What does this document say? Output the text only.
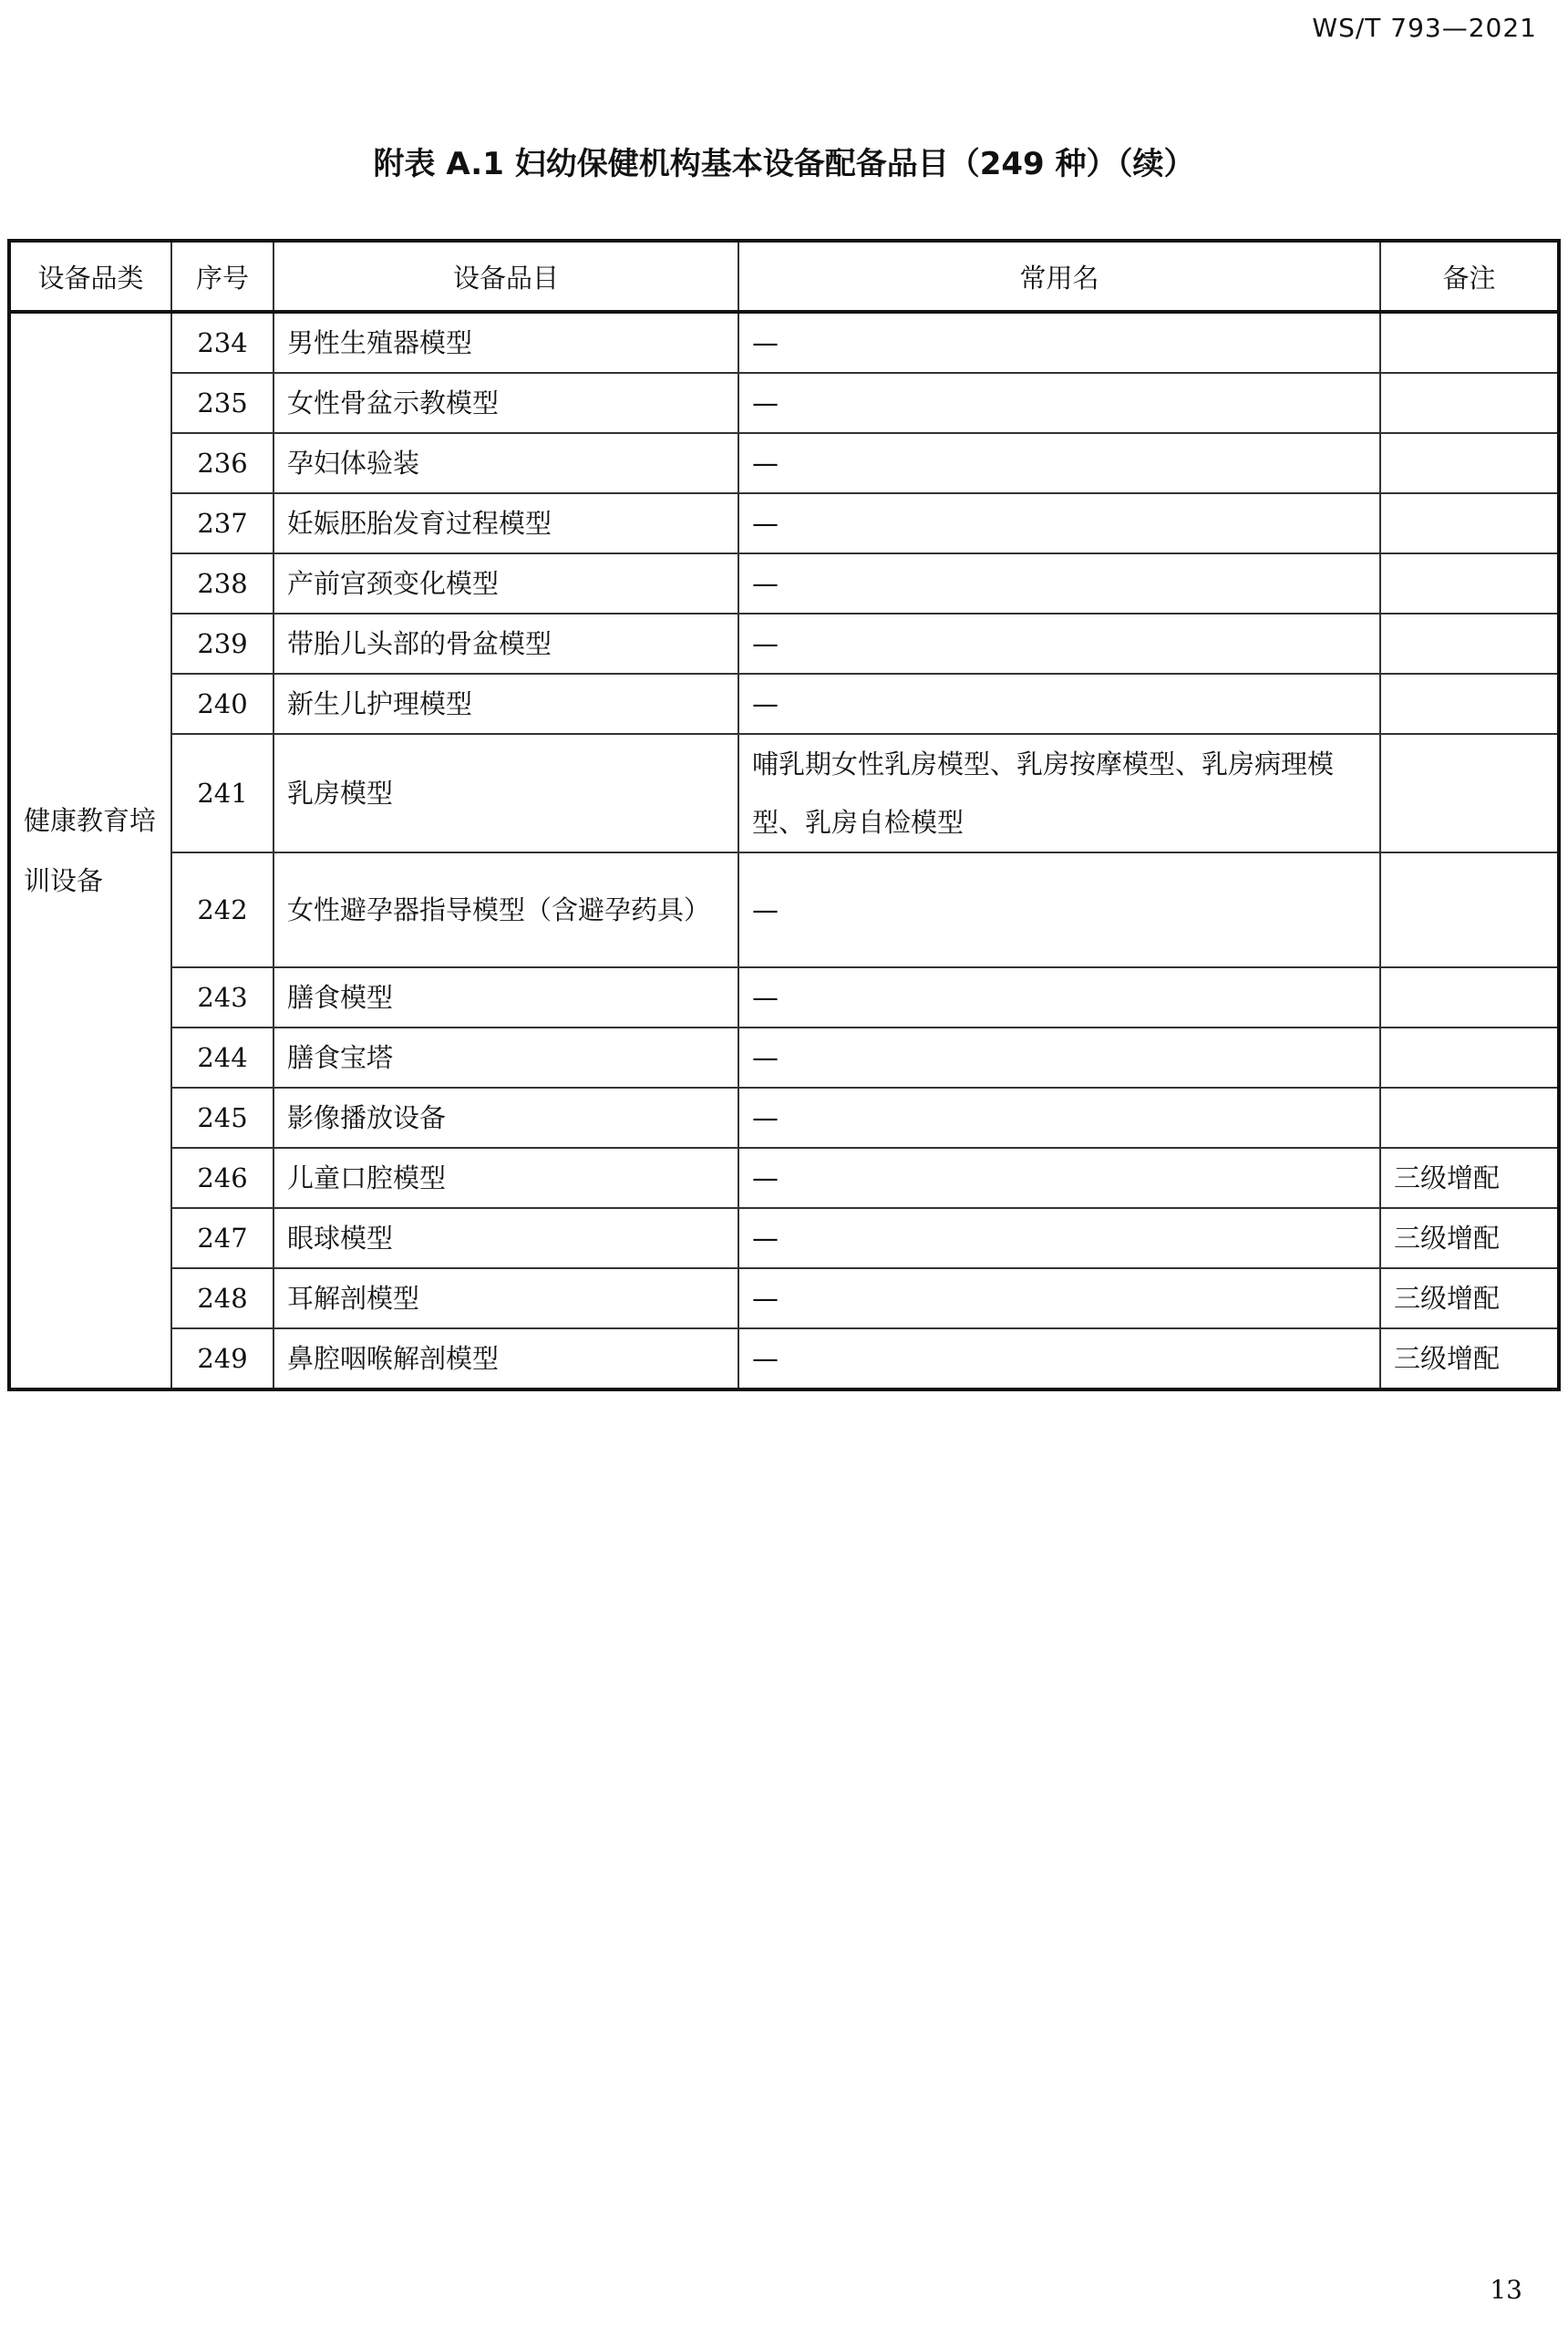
WS/T 793—2021
附表 A.1 妇幼保健机构基本设备配备品目（249 种）（续）
设备品类	序号	设备品目	常用名	备注
健康教育培训设备	234	男性生殖器模型	—	
	235	女性骨盆示教模型	—	
	236	孕妇体验装	—	
	237	妊娠胚胎发育过程模型	—	
	238	产前宫颈变化模型	—	
	239	带胎儿头部的骨盆模型	—	
	240	新生儿护理模型	—	
	241	乳房模型	哺乳期女性乳房模型、乳房按摩模型、乳房病理模型、乳房自检模型	
	242	女性避孕器指导模型（含避孕药具）	—	
	243	膳食模型	—	
	244	膳食宝塔	—	
	245	影像播放设备	—	
	246	儿童口腔模型	—	三级增配
	247	眼球模型	—	三级增配
	248	耳解剖模型	—	三级增配
	249	鼻腔咽喉解剖模型	—	三级增配
13
